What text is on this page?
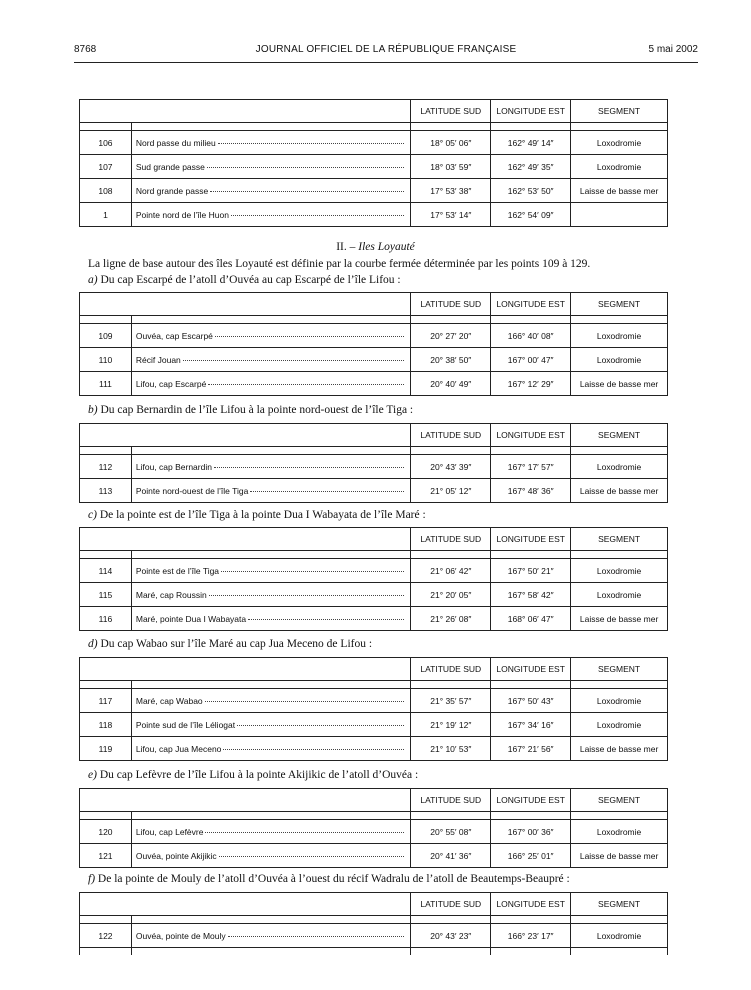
8768	JOURNAL OFFICIEL DE LA RÉPUBLIQUE FRANÇAISE	5 mai 2002
		LATITUDE SUD	LONGITUDE EST	SEGMENT

106	Nord passe du milieu	18° 05′ 06″	162° 49′ 14″	Loxodromie
107	Sud grande passe	18° 03′ 59″	162° 49′ 35″	Loxodromie
108	Nord grande passe	17° 53′ 38″	162° 53′ 50″	Laisse de basse mer
1	Pointe nord de l’île Huon	17° 53′ 14″	162° 54′ 09″	
II. – Iles Loyauté
La ligne de base autour des îles Loyauté est définie par la courbe fermée déterminée par les points 109 à 129.
a) Du cap Escarpé de l’atoll d’Ouvéa au cap Escarpé de l’île Lifou :
		LATITUDE SUD	LONGITUDE EST	SEGMENT

109	Ouvéa, cap Escarpé	20° 27′ 20″	166° 40′ 08″	Loxodromie
110	Récif Jouan	20° 38′ 50″	167° 00′ 47″	Loxodromie
111	Lifou, cap Escarpé	20° 40′ 49″	167° 12′ 29″	Laisse de basse mer
b) Du cap Bernardin de l’île Lifou à la pointe nord-ouest de l’île Tiga :
		LATITUDE SUD	LONGITUDE EST	SEGMENT

112	Lifou, cap Bernardin	20° 43′ 39″	167° 17′ 57″	Loxodromie
113	Pointe nord-ouest de l’île Tiga	21° 05′ 12″	167° 48′ 36″	Laisse de basse mer
c) De la pointe est de l’île Tiga à la pointe Dua I Wabayata de l’île Maré :
		LATITUDE SUD	LONGITUDE EST	SEGMENT

114	Pointe est de l’île Tiga	21° 06′ 42″	167° 50′ 21″	Loxodromie
115	Maré, cap Roussin	21° 20′ 05″	167° 58′ 42″	Loxodromie
116	Maré, pointe Dua I Wabayata	21° 26′ 08″	168° 06′ 47″	Laisse de basse mer
d) Du cap Wabao sur l’île Maré au cap Jua Meceno de Lifou :
		LATITUDE SUD	LONGITUDE EST	SEGMENT

117	Maré, cap Wabao	21° 35′ 57″	167° 50′ 43″	Loxodromie
118	Pointe sud de l’île Léliogat	21° 19′ 12″	167° 34′ 16″	Loxodromie
119	Lifou, cap Jua Meceno	21° 10′ 53″	167° 21′ 56″	Laisse de basse mer
e) Du cap Lefèvre de l’île Lifou à la pointe Akijikic de l’atoll d’Ouvéa :
		LATITUDE SUD	LONGITUDE EST	SEGMENT

120	Lifou, cap Lefèvre	20° 55′ 08″	167° 00′ 36″	Loxodromie
121	Ouvéa, pointe Akijikic	20° 41′ 36″	166° 25′ 01″	Laisse de basse mer
f) De la pointe de Mouly de l’atoll d’Ouvéa à l’ouest du récif Wadralu de l’atoll de Beautemps-Beaupré :
		LATITUDE SUD	LONGITUDE EST	SEGMENT

122	Ouvéa, pointe de Mouly	20° 43′ 23″	166° 23′ 17″	Loxodromie
